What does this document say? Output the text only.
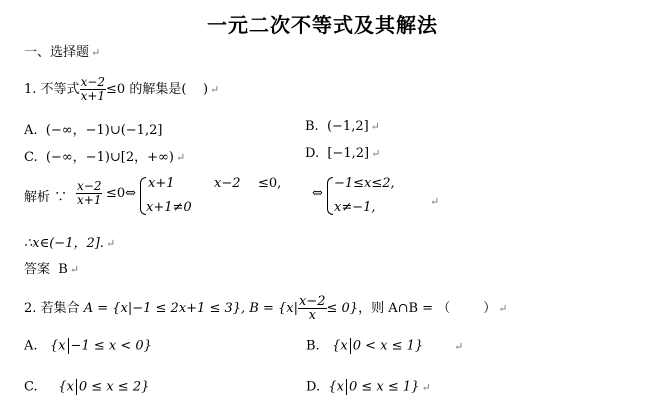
一元二次不等式及其解法
一、选择题 ↵
1. 不等式 $\frac{x-2}{x+1} \le 0$ 的解集是( ) ↵
A. (−∞，−1)∪(−1,2]	B. (−1,2] ↵
C. (−∞，−1)∪[2，+∞) ↵	D. [−1,2] ↵
解析 ∵ $\frac{x-2}{x+1}$ ≤0⇔
x+1	x−2 ≤0,
x+1≠0
⇔
−1≤x≤2,
x≠−1,	↵
∴x∈(−1，2]. ↵
答案 B ↵
2. 若集合 A = {x|−1 ≤ 2x+1 ≤ 3}, $B = \{x| \frac{x-2}{x} \le 0\}$，则 A∩B = （	） ↵
A. {x −1 ≤ x < 0}	B. {x 0 < x ≤ 1}	↵
C. {x 0 ≤ x ≤ 2}	D. {x 0 ≤ x ≤ 1} ↵
